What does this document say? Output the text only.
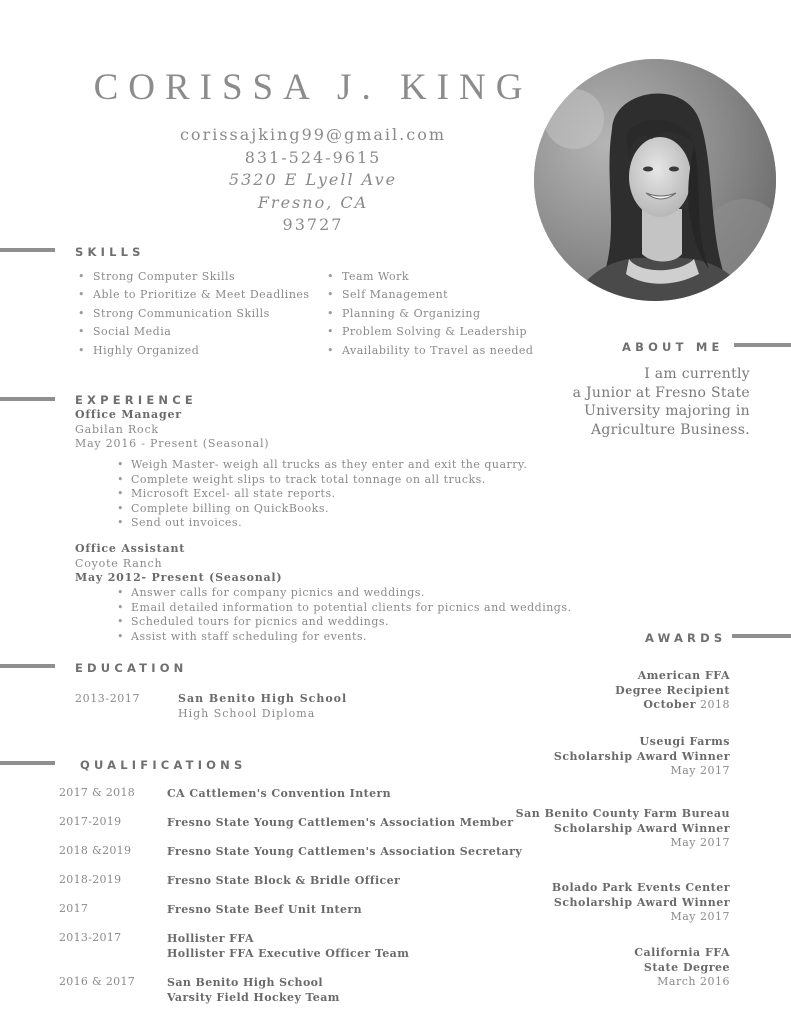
CORISSA J. KING
corissajking99@gmail.com
831-524-9615
5320 E Lyell Ave
Fresno, CA
93727
SKILLS
• Strong Computer Skills
• Able to Prioritize & Meet Deadlines
• Strong Communication Skills
• Social Media
• Highly Organized
• Team Work
• Self Management
• Planning & Organizing
• Problem Solving & Leadership
• Availability to Travel as needed	ABOUT ME
I am currently
a Junior at Fresno State
University majoring in
Agriculture Business.
EXPERIENCE
Office Manager
Gabilan Rock
May 2016 - Present (Seasonal)
• Weigh Master- weigh all trucks as they enter and exit the quarry.
• Complete weight slips to track total tonnage on all trucks.
• Microsoft Excel- all state reports.
• Complete billing on QuickBooks.
• Send out invoices.
Office Assistant
Coyote Ranch
May 2012- Present (Seasonal)
• Answer calls for company picnics and weddings.
• Email detailed information to potential clients for picnics and weddings.
• Scheduled tours for picnics and weddings.
• Assist with staff scheduling for events.	AWARDS
American FFA
Degree Recipient
October 2018
Useugi Farms
Scholarship Award Winner
May 2017
San Benito County Farm Bureau
Scholarship Award Winner
May 2017
Bolado Park Events Center
Scholarship Award Winner
May 2017
California FFA
State Degree
March 2016
EDUCATION
2013-2017	San Benito High School
High School Diploma
QUALIFICATIONS
2017 & 2018	CA Cattlemen's Convention Intern
2017-2019	Fresno State Young Cattlemen's Association Member
2018 &2019	Fresno State Young Cattlemen's Association Secretary
2018-2019	Fresno State Block & Bridle Officer
2017	Fresno State Beef Unit Intern
2013-2017	Hollister FFA
Hollister FFA Executive Officer Team
2016 & 2017	San Benito High School
Varsity Field Hockey Team
